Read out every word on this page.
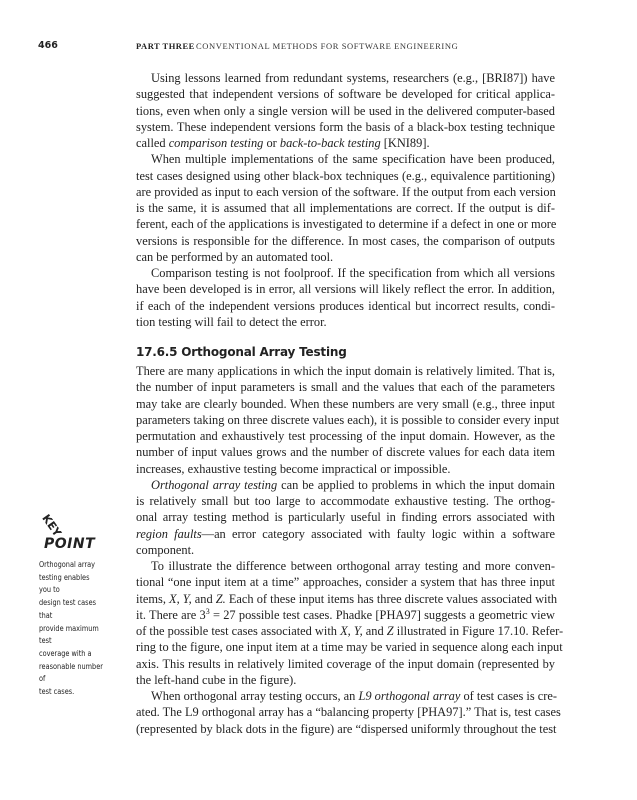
466	PART THREE CONVENTIONAL METHODS FOR SOFTWARE ENGINEERING
KEY
POINT
Orthogonal array
testing enables you to
design test cases that
provide maximum test
coverage with a
reasonable number of
test cases.
Using lessons learned from redundant systems, researchers (e.g., [BRI87]) have
suggested that independent versions of software be developed for critical applica-
tions, even when only a single version will be used in the delivered computer-based
system. These independent versions form the basis of a black-box testing technique
called comparison testing or back-to-back testing [KNI89].
When multiple implementations of the same specification have been produced,
test cases designed using other black-box techniques (e.g., equivalence partitioning)
are provided as input to each version of the software. If the output from each version
is the same, it is assumed that all implementations are correct. If the output is dif-
ferent, each of the applications is investigated to determine if a defect in one or more
versions is responsible for the difference. In most cases, the comparison of outputs
can be performed by an automated tool.
Comparison testing is not foolproof. If the specification from which all versions
have been developed is in error, all versions will likely reflect the error. In addition,
if each of the independent versions produces identical but incorrect results, condi-
tion testing will fail to detect the error.
17.6.5 Orthogonal Array Testing
There are many applications in which the input domain is relatively limited. That is,
the number of input parameters is small and the values that each of the parameters
may take are clearly bounded. When these numbers are very small (e.g., three input
parameters taking on three discrete values each), it is possible to consider every input
permutation and exhaustively test processing of the input domain. However, as the
number of input values grows and the number of discrete values for each data item
increases, exhaustive testing become impractical or impossible.
Orthogonal array testing can be applied to problems in which the input domain
is relatively small but too large to accommodate exhaustive testing. The orthog-
onal array testing method is particularly useful in finding errors associated with
region faults—an error category associated with faulty logic within a software
component.
To illustrate the difference between orthogonal array testing and more conven-
tional “one input item at a time” approaches, consider a system that has three input
items, X, Y, and Z. Each of these input items has three discrete values associated with
it. There are $3^3 = 27$ possible test cases. Phadke [PHA97] suggests a geometric view
of the possible test cases associated with X, Y, and Z illustrated in Figure 17.10. Refer-
ring to the figure, one input item at a time may be varied in sequence along each input
axis. This results in relatively limited coverage of the input domain (represented by
the left-hand cube in the figure).
When orthogonal array testing occurs, an L9 orthogonal array of test cases is cre-
ated. The L9 orthogonal array has a “balancing property [PHA97].” That is, test cases
(represented by black dots in the figure) are “dispersed uniformly throughout the test
